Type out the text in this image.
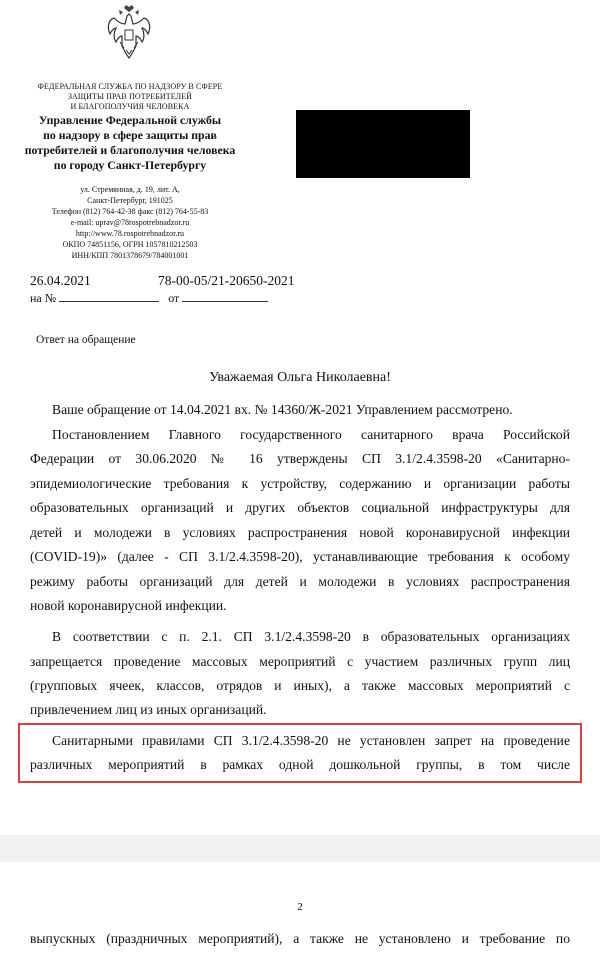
ФЕДЕРАЛЬНАЯ СЛУЖБА ПО НАДЗОРУ В СФЕРЕ
ЗАЩИТЫ ПРАВ ПОТРЕБИТЕЛЕЙ
И БЛАГОПОЛУЧИЯ ЧЕЛОВЕКА
Управление Федеральной службы
по надзору в сфере защиты прав
потребителей и благополучия человека
по городу Санкт-Петербургу
ул. Стремянная, д. 19, лит. А,
Санкт-Петербург, 191025
Телефон (812) 764-42-38 факс (812) 764-55-83
e-mail: uprav@78rospotrebnadzor.ru
http://www.78.rospotrebnadzor.ru
ОКПО 74851156, ОГРН 1057810212503
ИНН/КПП 7801378679/784001001
26.04.2021	78-00-05/21-20650-2021
на №	от
Ответ на обращение
Уважаемая Ольга Николаевна!
Ваше обращение от 14.04.2021 вх. № 14360/Ж-2021 Управлением рассмотрено.
Постановлением Главного государственного санитарного врача Российской
Федерации от 30.06.2020 № 16 утверждены СП 3.1/2.4.3598-20 «Санитарно-
эпидемиологические требования к устройству, содержанию и организации работы
образовательных организаций и других объектов социальной инфраструктуры для
детей и молодежи в условиях распространения новой коронавирусной инфекции
(COVID-19)» (далее - СП 3.1/2.4.3598-20), устанавливающие требования к особому
режиму работы организаций для детей и молодежи в условиях распространения
новой коронавирусной инфекции.
В соответствии с п. 2.1. СП 3.1/2.4.3598-20 в образовательных организациях
запрещается проведение массовых мероприятий с участием различных групп лиц
(групповых ячеек, классов, отрядов и иных), а также массовых мероприятий с
привлечением лиц из иных организаций.
Санитарными правилами СП 3.1/2.4.3598-20 не установлен запрет на проведение
различных мероприятий в рамках одной дошкольной группы, в том числе
2
выпускных (праздничных мероприятий), а также не установлено и требование по
